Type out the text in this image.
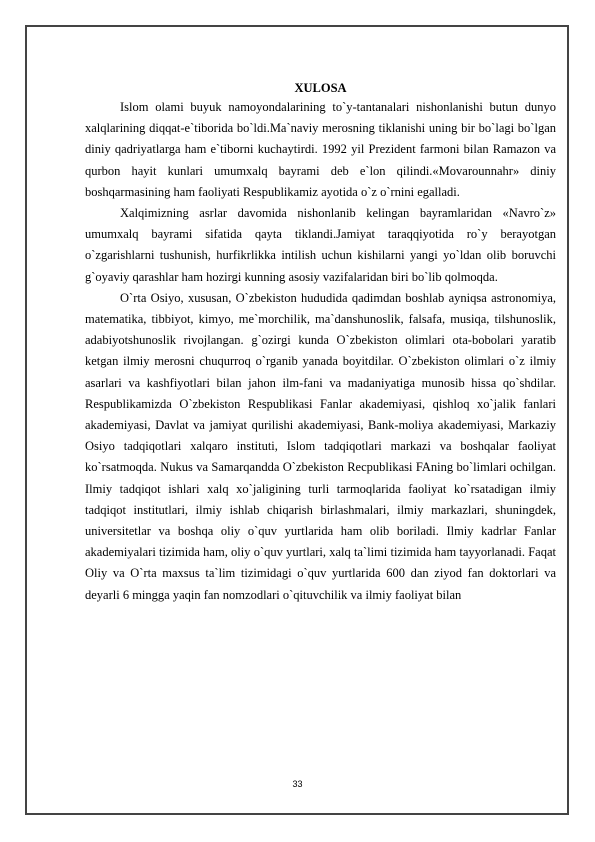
XULOSA

Islom olami buyuk namoyondalarining to`y-tantanalari nishonlanishi butun dunyo xalqlarining diqqat-e`tiborida bo`ldi.Ma`naviy merosning tiklanishi uning bir bo`lagi bo`lgan diniy qadriyatlarga ham e`tiborni kuchaytirdi. 1992 yil Prezident farmoni bilan Ramazon va qurbon hayit kunlari umumxalq bayrami deb e`lon qilindi.«Movarounnahr» diniy boshqarmasining ham faoliyati Respublikamiz ayotida o`z o`rnini egalladi.

Xalqimizning asrlar davomida nishonlanib kelingan bayramlaridan «Navro`z» umumxalq bayrami sifatida qayta tiklandi.Jamiyat taraqqiyotida ro`y berayotgan o`zgarishlarni tushunish, hurfikrlikka intilish uchun kishilarni yangi yo`ldan olib boruvchi g`oyaviy qarashlar ham hozirgi kunning asosiy vazifalaridan biri bo`lib qolmoqda.

O`rta Osiyo, xususan, O`zbekiston hududida qadimdan boshlab ayniqsa astronomiya, matematika, tibbiyot, kimyo, me`morchilik, ma`danshunoslik, falsafa, musiqa, tilshunoslik, adabiyotshunoslik rivojlangan. g`ozirgi kunda O`zbekiston olimlari ota-bobolari yaratib ketgan ilmiy merosni chuqurroq o`rganib yanada boyitdilar. O`zbekiston olimlari o`z ilmiy asarlari va kashfiyotlari bilan jahon ilm-fani va madaniyatiga munosib hissa qo`shdilar. Respublikamizda O`zbekiston Respublikasi Fanlar akademiyasi, qishloq xo`jalik fanlari akademiyasi, Davlat va jamiyat qurilishi akademiyasi, Bank-moliya akademiyasi, Markaziy Osiyo tadqiqotlari xalqaro instituti, Islom tadqiqotlari markazi va boshqalar faoliyat ko`rsatmoqda. Nukus va Samarqandda O`zbekiston Recpublikasi FAning bo`limlari ochilgan. Ilmiy tadqiqot ishlari xalq xo`jaligining turli tarmoqlarida faoliyat ko`rsatadigan ilmiy tadqiqot institutlari, ilmiy ishlab chiqarish birlashmalari, ilmiy markazlari, shuningdek, universitetlar va boshqa oliy o`quv yurtlarida ham olib boriladi. Ilmiy kadrlar Fanlar akademiyalari tizimida ham, oliy o`quv yurtlari, xalq ta`limi tizimida ham tayyorlanadi. Faqat Oliy va O`rta maxsus ta`lim tizimidagi o`quv yurtlarida 600 dan ziyod fan doktorlari va deyarli 6 mingga yaqin fan nomzodlari o`qituvchilik va ilmiy faoliyat bilan

33
